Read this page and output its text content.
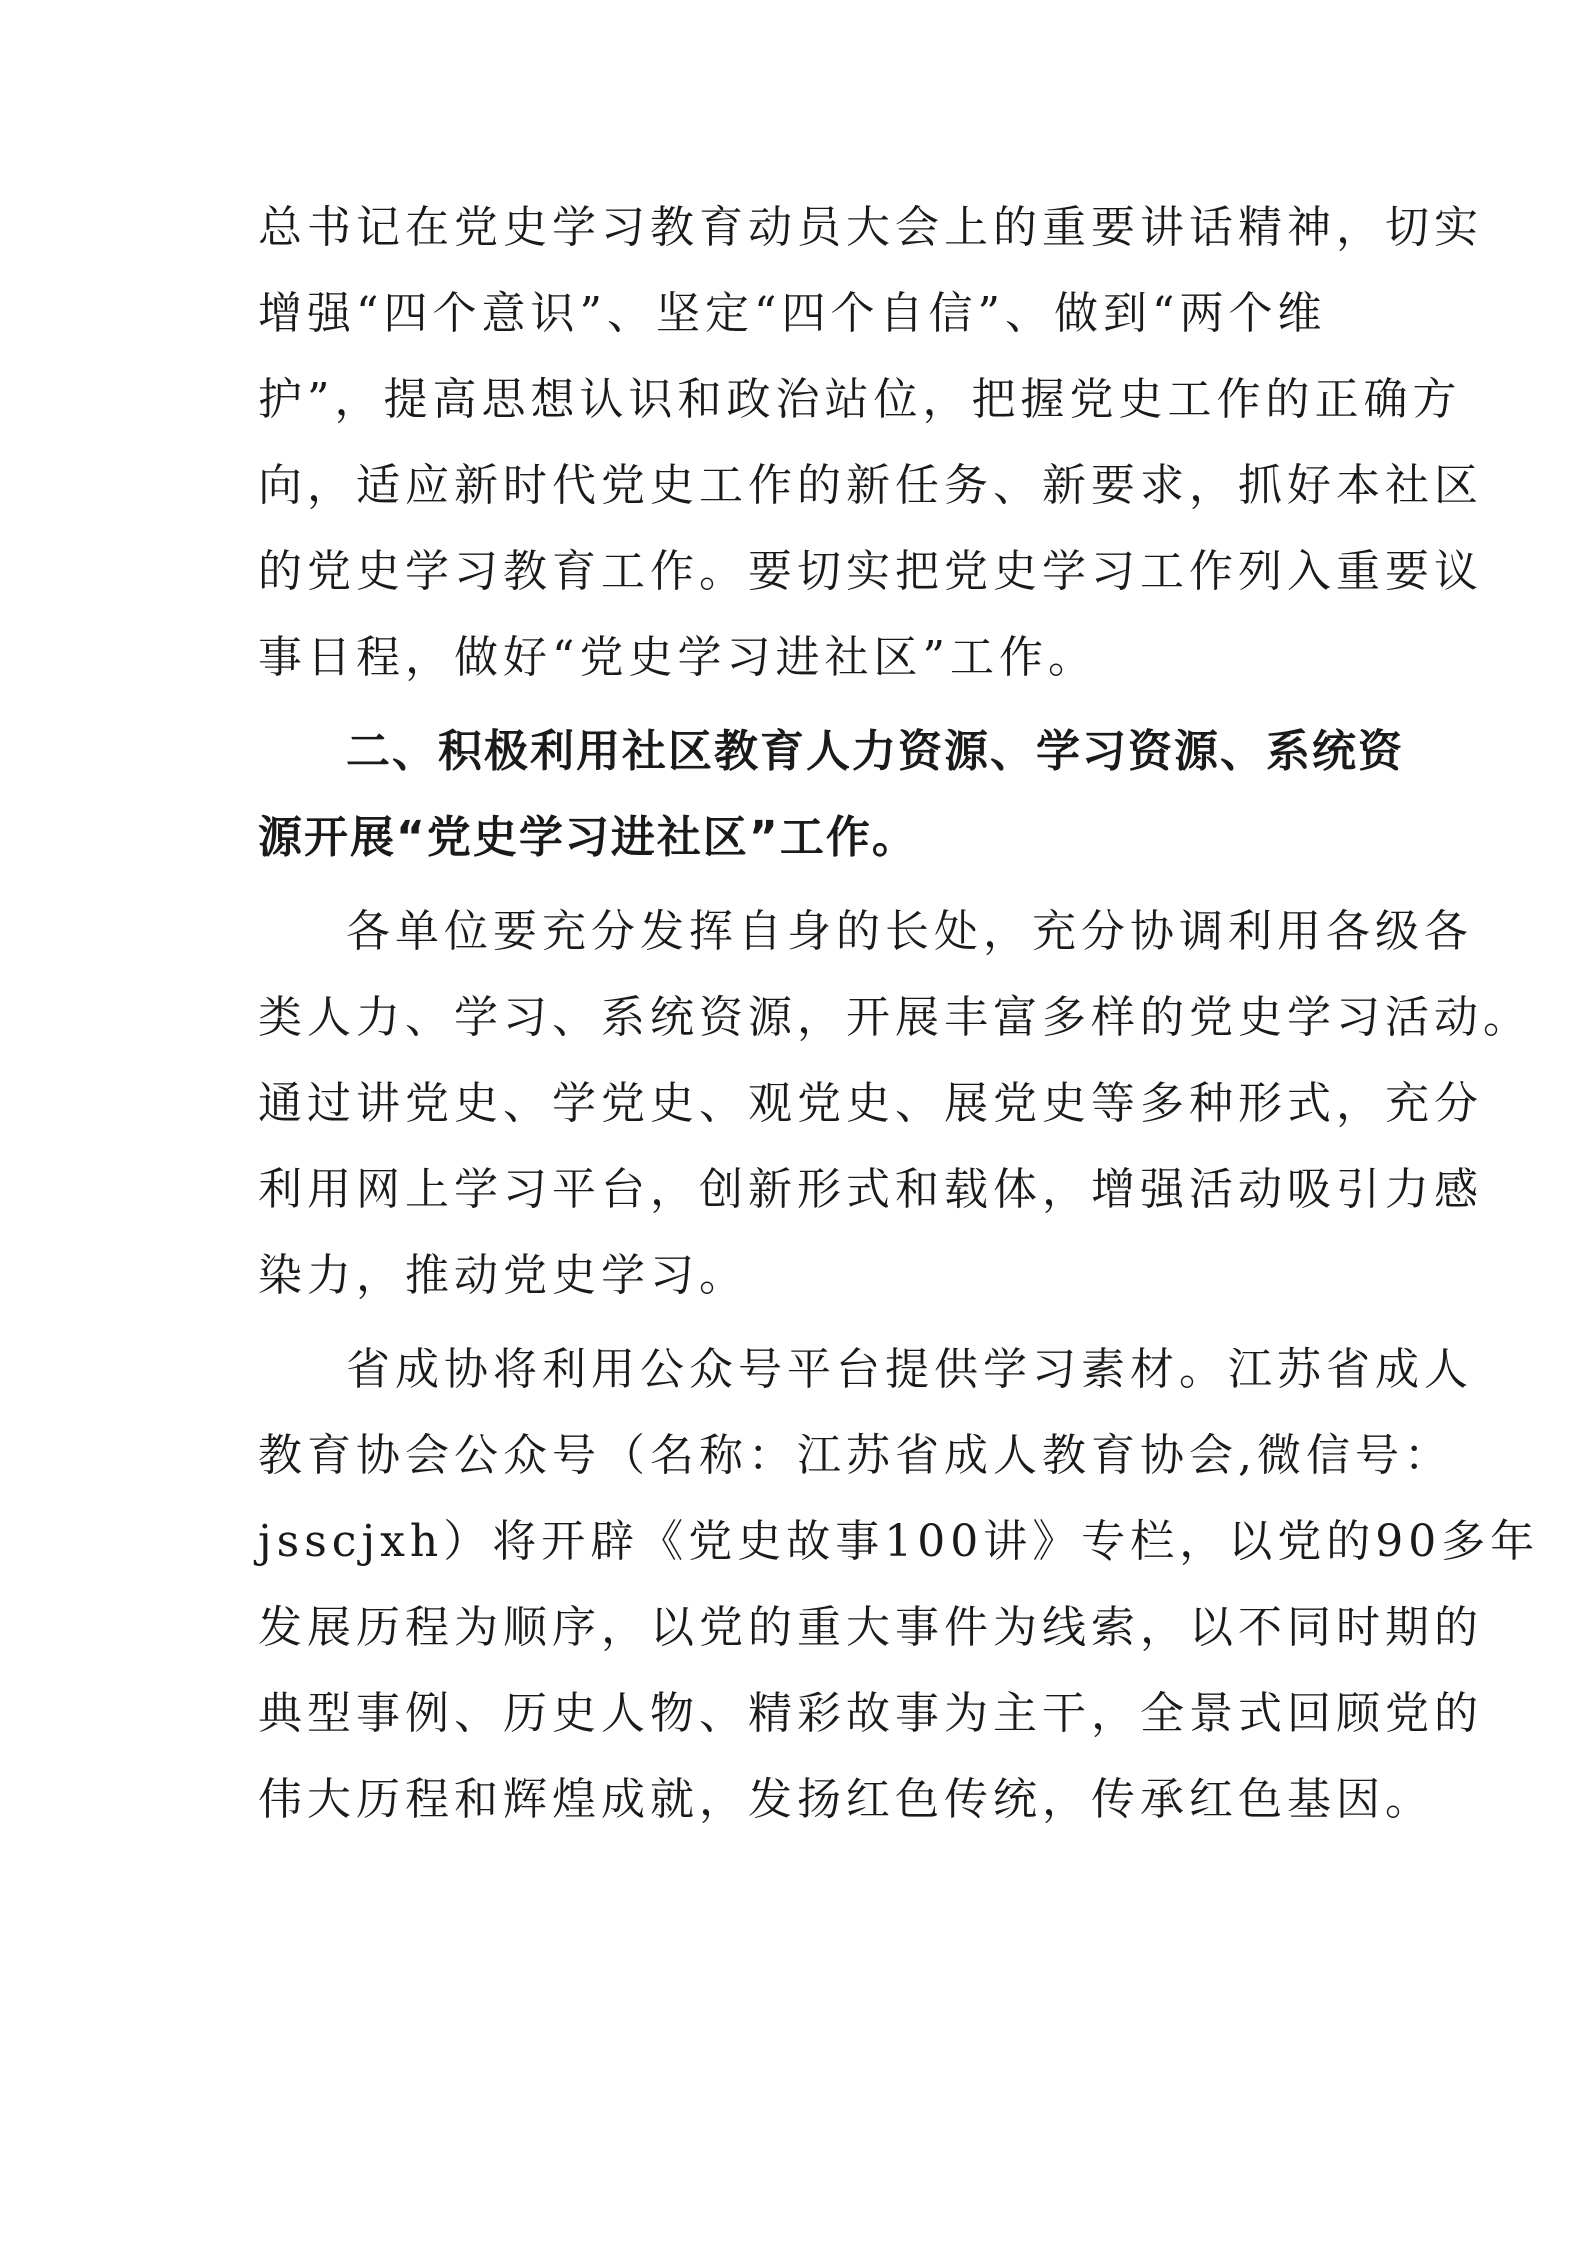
总书记在党史学习教育动员大会上的重要讲话精神，切实
增强“四个意识”、坚定“四个自信”、做到“两个维
护”，提高思想认识和政治站位，把握党史工作的正确方
向，适应新时代党史工作的新任务、新要求，抓好本社区
的党史学习教育工作。要切实把党史学习工作列入重要议
事日程，做好“党史学习进社区”工作。
二、积极利用社区教育人力资源、学习资源、系统资
源开展“党史学习进社区”工作。
各单位要充分发挥自身的长处，充分协调利用各级各
类人力、学习、系统资源，开展丰富多样的党史学习活动。
通过讲党史、学党史、观党史、展党史等多种形式，充分
利用网上学习平台，创新形式和载体，增强活动吸引力感
染力，推动党史学习。
省成协将利用公众号平台提供学习素材。江苏省成人
教育协会公众号（名称：江苏省成人教育协会,微信号：
jsscjxh）将开辟《党史故事100讲》专栏，以党的90多年
发展历程为顺序，以党的重大事件为线索，以不同时期的
典型事例、历史人物、精彩故事为主干，全景式回顾党的
伟大历程和辉煌成就，发扬红色传统，传承红色基因。
